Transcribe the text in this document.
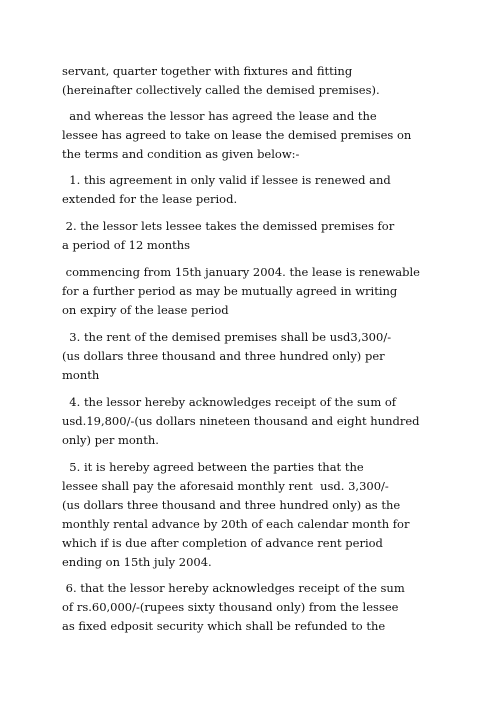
servant, quarter together with fixtures and fitting

(hereinafter collectively called the demised premises).

and whereas the lessor has agreed the lease and the

lessee has agreed to take on lease the demised premises on

the terms and condition as given below:-

1. this agreement in only valid if lessee is renewed and

extended for the lease period.

2. the lessor lets lessee takes the demissed premises for

a period of 12 months

commencing from 15th january 2004. the lease is renewable

for a further period as may be mutually agreed in writing

on expiry of the lease period

3. the rent of the demised premises shall be usd3,300/-

(us dollars three thousand and three hundred only) per

month

4. the lessor hereby acknowledges receipt of the sum of

usd.19,800/-(us dollars nineteen thousand and eight hundred

only) per month.

5. it is hereby agreed between the parties that the

lessee shall pay the aforesaid monthly rent  usd. 3,300/-

(us dollars three thousand and three hundred only) as the

monthly rental advance by 20th of each calendar month for

which if is due after completion of advance rent period

ending on 15th july 2004.

6. that the lessor hereby acknowledges receipt of the sum

of rs.60,000/-(rupees sixty thousand only) from the lessee

as fixed edposit security which shall be refunded to the
